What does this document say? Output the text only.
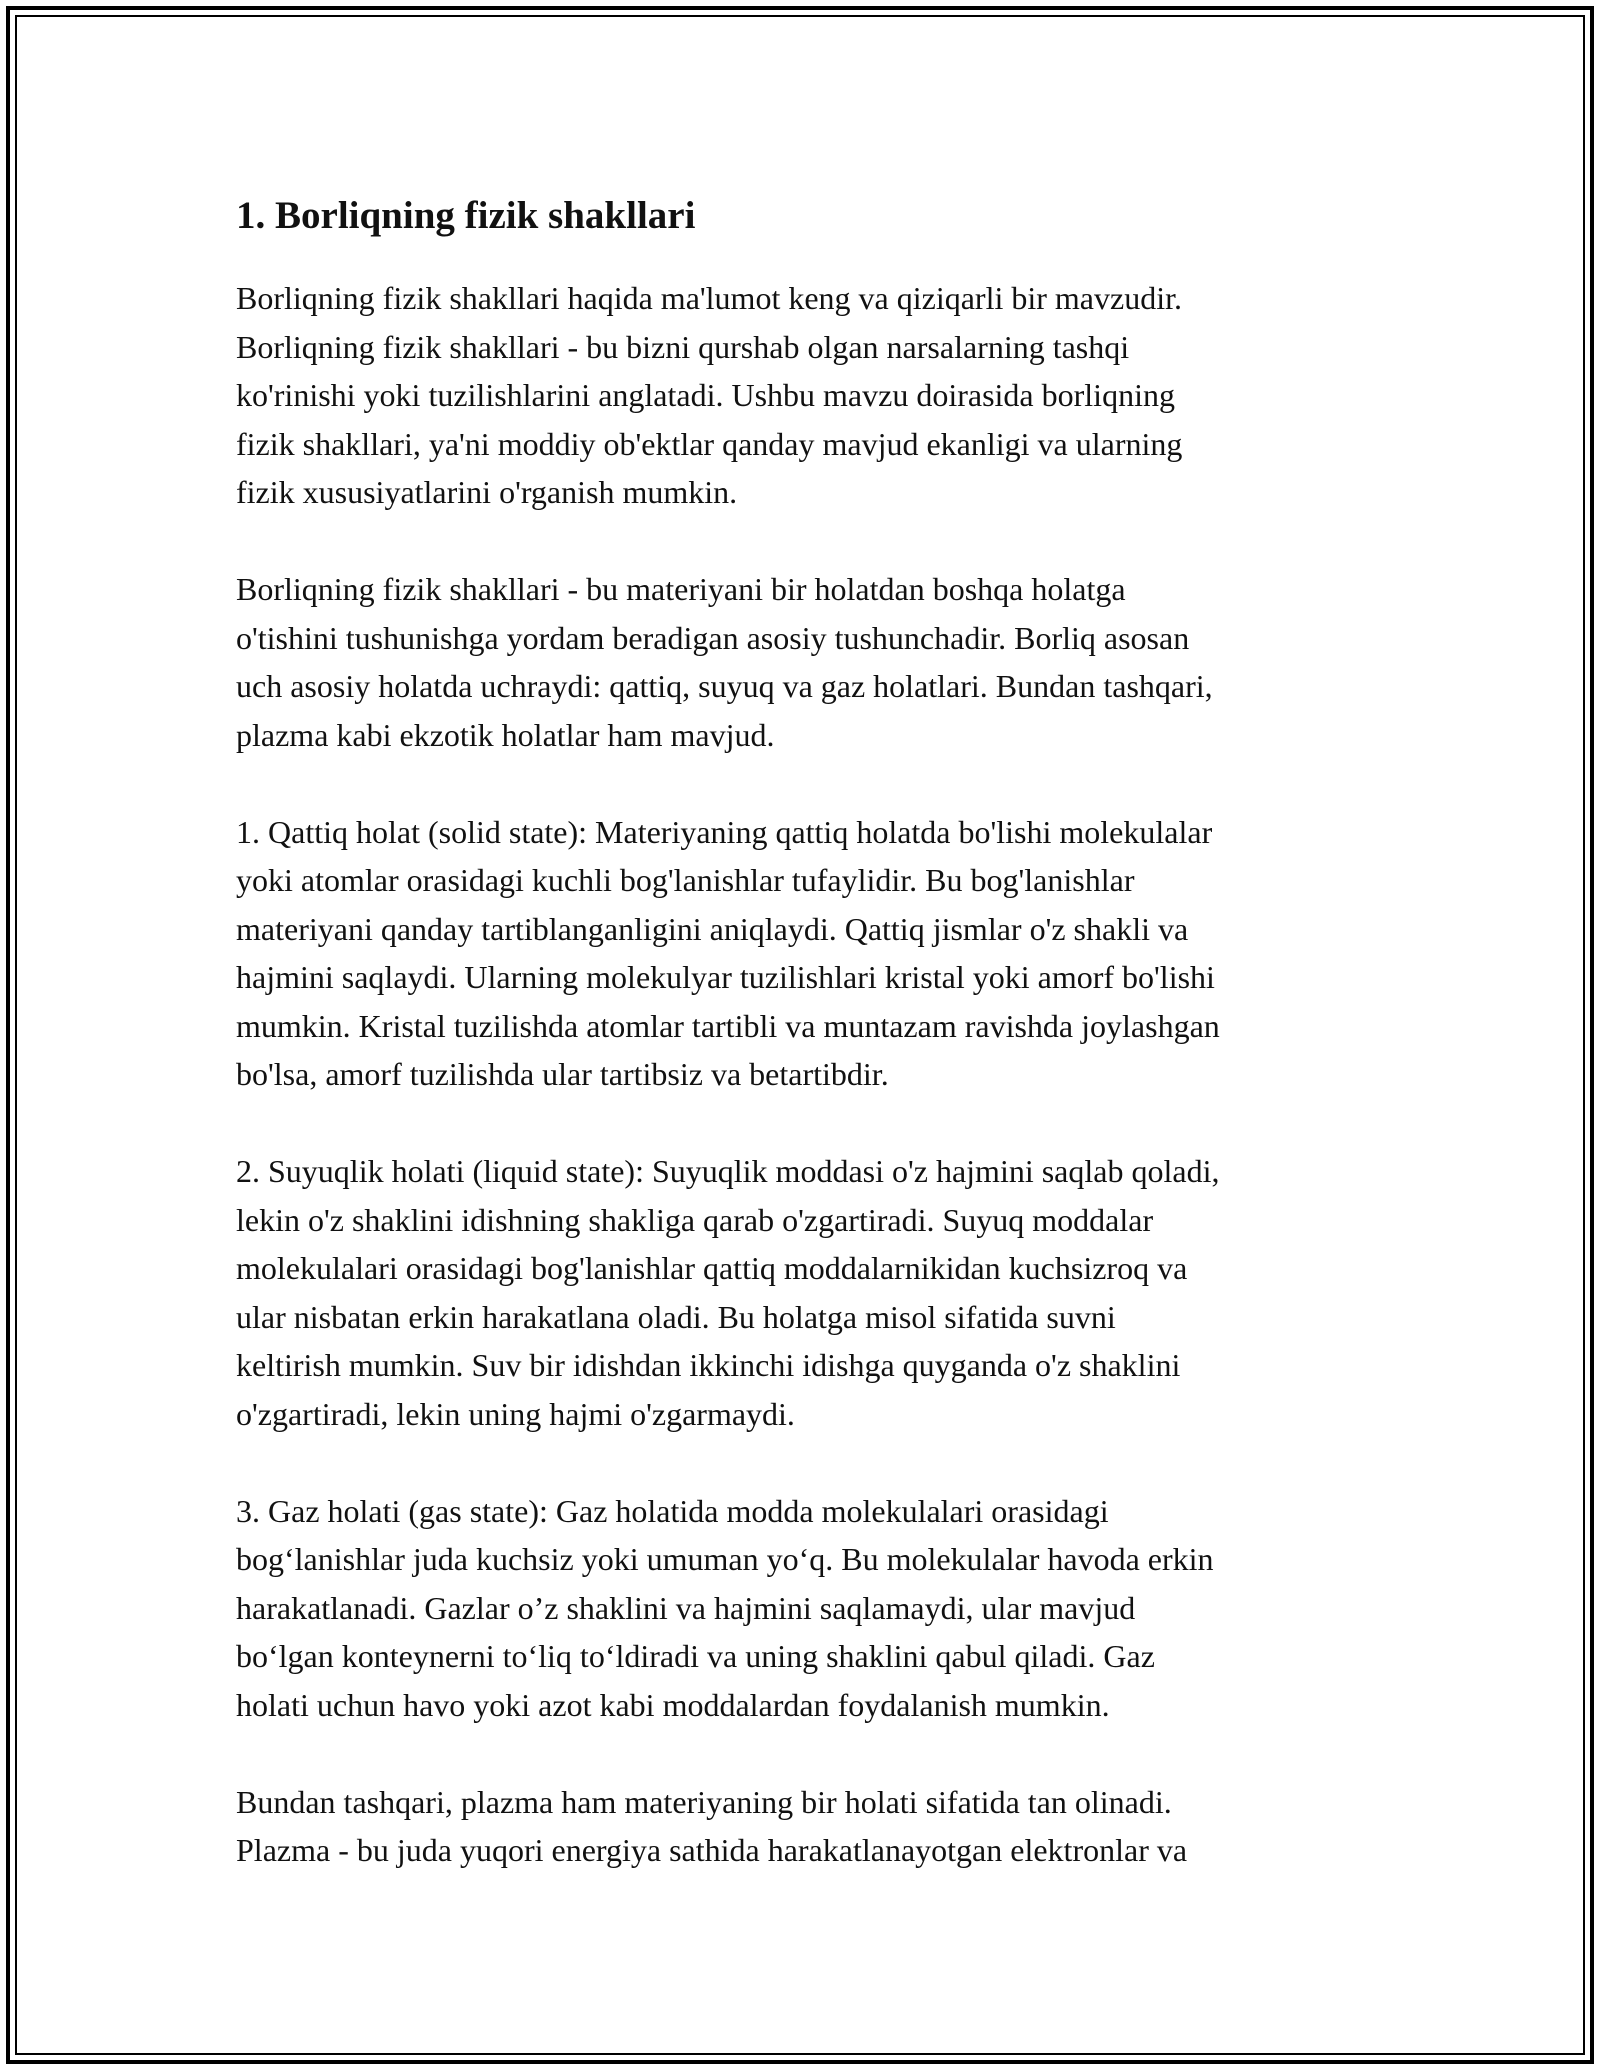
1. Borliqning fizik shakllari

Borliqning fizik shakllari haqida ma'lumot keng va qiziqarli bir mavzudir.
Borliqning fizik shakllari - bu bizni qurshab olgan narsalarning tashqi
ko'rinishi yoki tuzilishlarini anglatadi. Ushbu mavzu doirasida borliqning
fizik shakllari, ya'ni moddiy ob'ektlar qanday mavjud ekanligi va ularning
fizik xususiyatlarini o'rganish mumkin.

Borliqning fizik shakllari - bu materiyani bir holatdan boshqa holatga
o'tishini tushunishga yordam beradigan asosiy tushunchadir. Borliq asosan
uch asosiy holatda uchraydi: qattiq, suyuq va gaz holatlari. Bundan tashqari,
plazma kabi ekzotik holatlar ham mavjud.

1. Qattiq holat (solid state): Materiyaning qattiq holatda bo'lishi molekulalar
yoki atomlar orasidagi kuchli bog'lanishlar tufaylidir. Bu bog'lanishlar
materiyani qanday tartiblanganligini aniqlaydi. Qattiq jismlar o'z shakli va
hajmini saqlaydi. Ularning molekulyar tuzilishlari kristal yoki amorf bo'lishi
mumkin. Kristal tuzilishda atomlar tartibli va muntazam ravishda joylashgan
bo'lsa, amorf tuzilishda ular tartibsiz va betartibdir.

2. Suyuqlik holati (liquid state): Suyuqlik moddasi o'z hajmini saqlab qoladi,
lekin o'z shaklini idishning shakliga qarab o'zgartiradi. Suyuq moddalar
molekulalari orasidagi bog'lanishlar qattiq moddalarnikidan kuchsizroq va
ular nisbatan erkin harakatlana oladi. Bu holatga misol sifatida suvni
keltirish mumkin. Suv bir idishdan ikkinchi idishga quyganda o'z shaklini
o'zgartiradi, lekin uning hajmi o'zgarmaydi.

3. Gaz holati (gas state): Gaz holatida modda molekulalari orasidagi
bog‘lanishlar juda kuchsiz yoki umuman yo‘q. Bu molekulalar havoda erkin
harakatlanadi. Gazlar o’z shaklini va hajmini saqlamaydi, ular mavjud
bo‘lgan konteynerni to‘liq to‘ldiradi va uning shaklini qabul qiladi. Gaz
holati uchun havo yoki azot kabi moddalardan foydalanish mumkin.

Bundan tashqari, plazma ham materiyaning bir holati sifatida tan olinadi.
Plazma - bu juda yuqori energiya sathida harakatlanayotgan elektronlar va
